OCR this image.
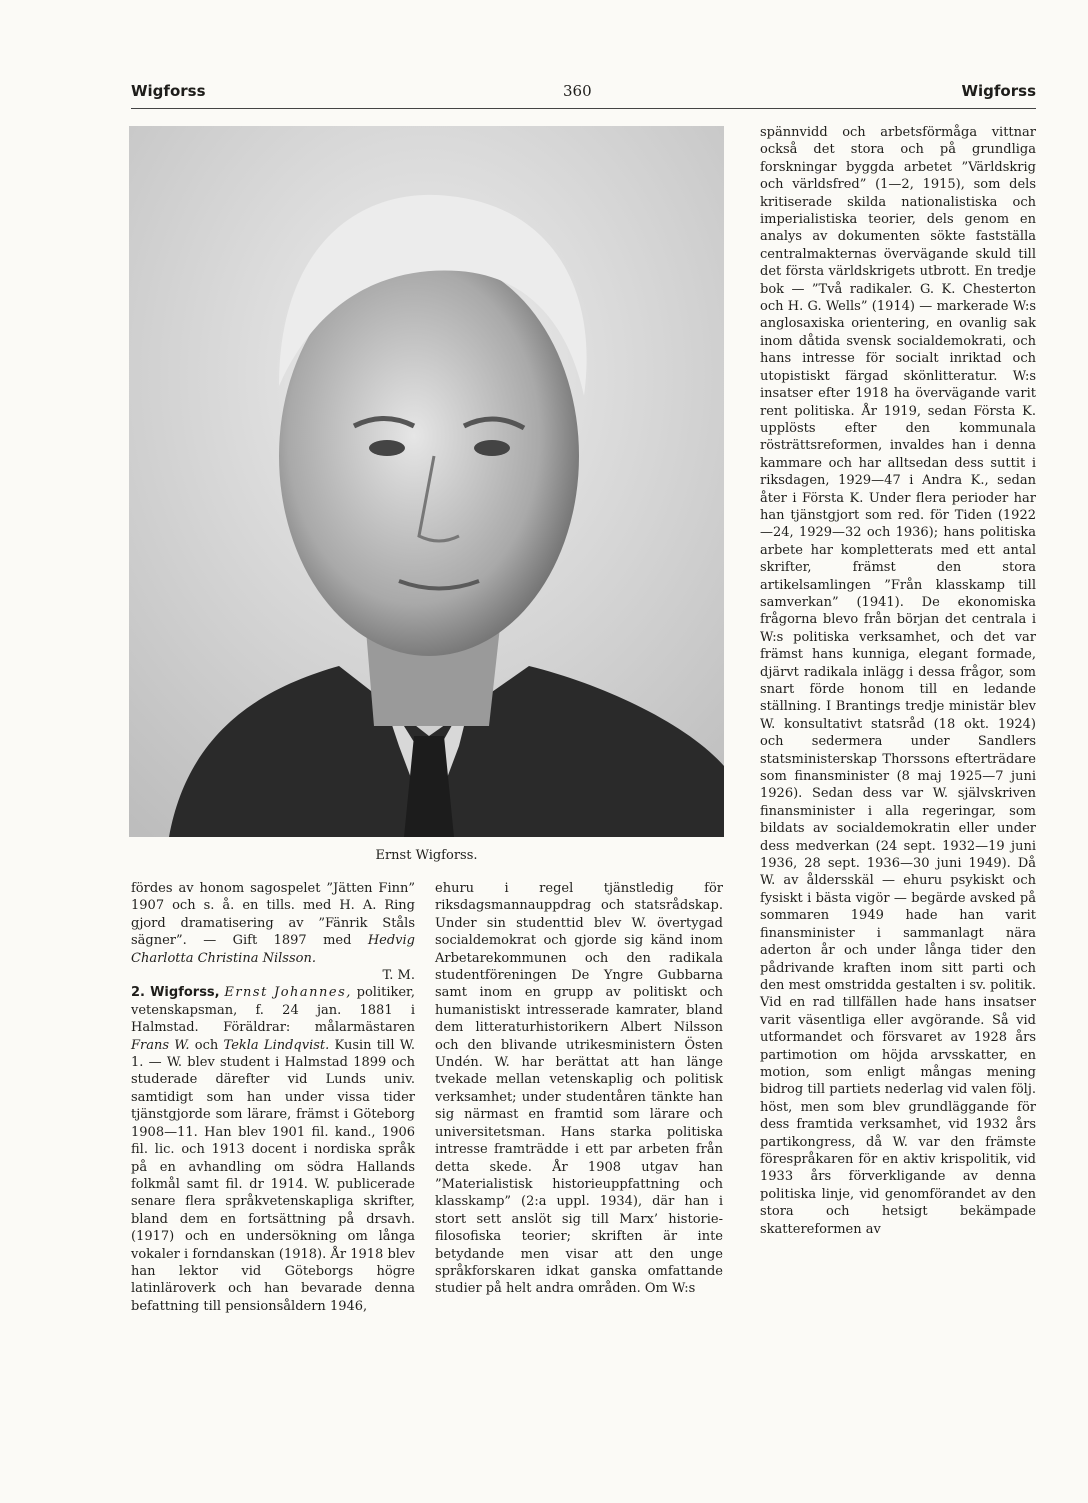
Wigforss	360	Wigforss
Ernst Wigforss.

fördes av honom sagospelet ”Jätten Finn” 1907 och s. å. en tills. med H. A. Ring gjord dramatisering av ”Fänrik Ståls sägner”. — Gift 1897 med Hedvig Charlotta Christina Nilsson.

T. M.

2. Wigforss, Ernst Johannes, politiker, vetenskapsman, f. 24 jan. 1881 i Halmstad. Föräldrar: målarmästaren Frans W. och Tekla Lindqvist. Kusin till W. 1. — W. blev student i Halmstad 1899 och studerade därefter vid Lunds univ. samtidigt som han under vissa tider tjänstgjorde som lärare, främst i Göteborg 1908—11. Han blev 1901 fil. kand., 1906 fil. lic. och 1913 docent i nordiska språk på en avhandling om södra Hallands folkmål samt fil. dr 1914. W. publicerade senare flera språkvetenskapliga skrifter, bland dem en fortsättning på drsavh. (1917) och en undersökning om långa vokaler i forndanskan (1918). År 1918 blev han lektor vid Göteborgs högre latinläroverk och han bevarade denna befattning till pensionsåldern 1946,

ehuru i regel tjänstledig för riksdagsmannauppdrag och statsrådskap. Under sin studenttid blev W. övertygad socialdemokrat och gjorde sig känd inom Arbetarekommunen och den radikala studentföreningen De Yngre Gubbarna samt inom en grupp av politiskt och humanistiskt intresserade kamrater, bland dem litteraturhistorikern Albert Nilsson och den blivande utrikesministern Östen Undén. W. har berättat att han länge tvekade mellan vetenskaplig och politisk verksamhet; under studentåren tänkte han sig närmast en framtid som lärare och universitetsman. Hans starka politiska intresse framträdde i ett par arbeten från detta skede. År 1908 utgav han ”Materialistisk historieuppfattning och klasskamp” (2:a uppl. 1934), där han i stort sett anslöt sig till Marx’ historie-filosofiska teorier; skriften är inte betydande men visar att den unge språkforskaren idkat ganska omfattande studier på helt andra områden. Om W:s

spännvidd och arbetsförmåga vittnar också det stora och på grundliga forskningar byggda arbetet ”Världskrig och världsfred” (1—2, 1915), som dels kritiserade skilda nationalistiska och imperialistiska teorier, dels genom en analys av dokumenten sökte fastställa centralmakternas övervägande skuld till det första världskrigets utbrott. En tredje bok — ”Två radikaler. G. K. Chesterton och H. G. Wells” (1914) — markerade W:s anglosaxiska orientering, en ovanlig sak inom dåtida svensk socialdemokrati, och hans intresse för socialt inriktad och utopistiskt färgad skönlitteratur. W:s insatser efter 1918 ha övervägande varit rent politiska. År 1919, sedan Första K. upplösts efter den kommunala rösträttsreformen, invaldes han i denna kammare och har alltsedan dess suttit i riksdagen, 1929—47 i Andra K., sedan åter i Första K. Under flera perioder har han tjänstgjort som red. för Tiden (1922—24, 1929—32 och 1936); hans politiska arbete har kompletterats med ett antal skrifter, främst den stora artikelsamlingen ”Från klasskamp till samverkan” (1941). De ekonomiska frågorna blevo från början det centrala i W:s politiska verksamhet, och det var främst hans kunniga, elegant formade, djärvt radikala inlägg i dessa frågor, som snart förde honom till en ledande ställning. I Brantings tredje ministär blev W. konsultativt statsråd (18 okt. 1924) och sedermera under Sandlers statsministerskap Thorssons efterträdare som finansminister (8 maj 1925—7 juni 1926). Sedan dess var W. självskriven finansminister i alla regeringar, som bildats av socialdemokratin eller under dess medverkan (24 sept. 1932—19 juni 1936, 28 sept. 1936—30 juni 1949). Då W. av åldersskäl — ehuru psykiskt och fysiskt i bästa vigör — begärde avsked på sommaren 1949 hade han varit finansminister i sammanlagt nära aderton år och under långa tider den pådrivande kraften inom sitt parti och den mest omstridda gestalten i sv. politik. Vid en rad tillfällen hade hans insatser varit väsentliga eller avgörande. Så vid utformandet och försvaret av 1928 års partimotion om höjda arvsskatter, en motion, som enligt mångas mening bidrog till partiets nederlag vid valen följ. höst, men som blev grundläggande för dess framtida verksamhet, vid 1932 års partikongress, då W. var den främste förespråkaren för en aktiv krispolitik, vid 1933 års förverkligande av denna politiska linje, vid genomförandet av den stora och hetsigt bekämpade skattereformen av
